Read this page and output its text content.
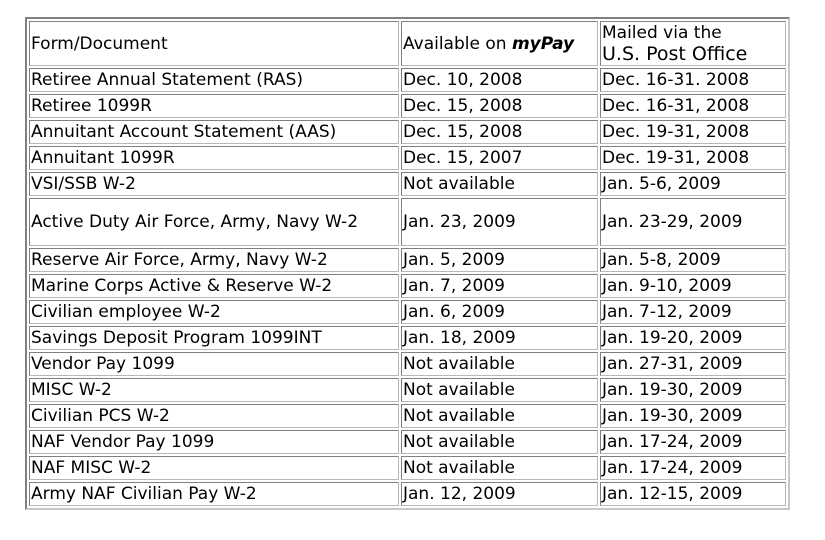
Form/Document	Available on myPay	Mailed via the
U.S. Post Office

Retiree Annual Statement (RAS)	Dec. 10, 2008	Dec. 16-31. 2008
Retiree 1099R	Dec. 15, 2008	Dec. 16-31, 2008
Annuitant Account Statement (AAS)	Dec. 15, 2008	Dec. 19-31, 2008
Annuitant 1099R	Dec. 15, 2007	Dec. 19-31, 2008
VSI/SSB W-2	Not available	Jan. 5-6, 2009
Active Duty Air Force, Army, Navy W-2	Jan. 23, 2009	Jan. 23-29, 2009
Reserve Air Force, Army, Navy W-2	Jan. 5, 2009	Jan. 5-8, 2009
Marine Corps Active & Reserve W-2	Jan. 7, 2009	Jan. 9-10, 2009
Civilian employee W-2	Jan. 6, 2009	Jan. 7-12, 2009
Savings Deposit Program 1099INT	Jan. 18, 2009	Jan. 19-20, 2009
Vendor Pay 1099	Not available	Jan. 27-31, 2009
MISC W-2	Not available	Jan. 19-30, 2009
Civilian PCS W-2	Not available	Jan. 19-30, 2009
NAF Vendor Pay 1099	Not available	Jan. 17-24, 2009
NAF MISC W-2	Not available	Jan. 17-24, 2009
Army NAF Civilian Pay W-2	Jan. 12, 2009	Jan. 12-15, 2009
